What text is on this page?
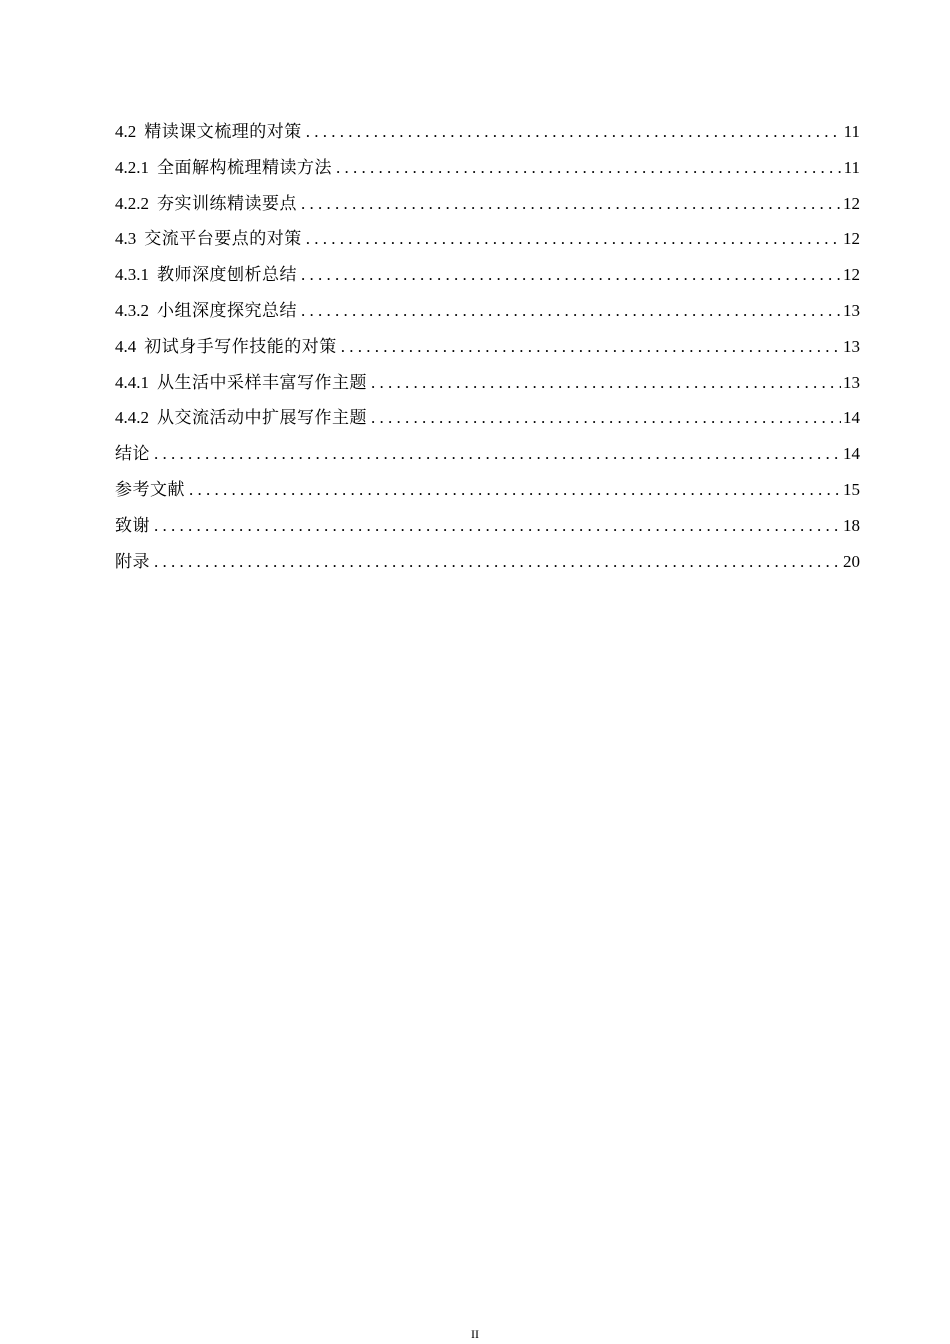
4.2 精读课文梳理的对策 . . .	11
4.2.1 全面解构梳理精读方法 . . .	11
4.2.2 夯实训练精读要点 . . .	12
4.3 交流平台要点的对策 . . .	12
4.3.1 教师深度刨析总结 . . .	12
4.3.2 小组深度探究总结 . . .	13
4.4 初试身手写作技能的对策 . . .	13
4.4.1 从生活中采样丰富写作主题 . . .	13
4.4.2 从交流活动中扩展写作主题 . . .	14
结论 . . .	14
参考文献 . . .	15
致谢 . . .	18
附录 . . .	20
II
